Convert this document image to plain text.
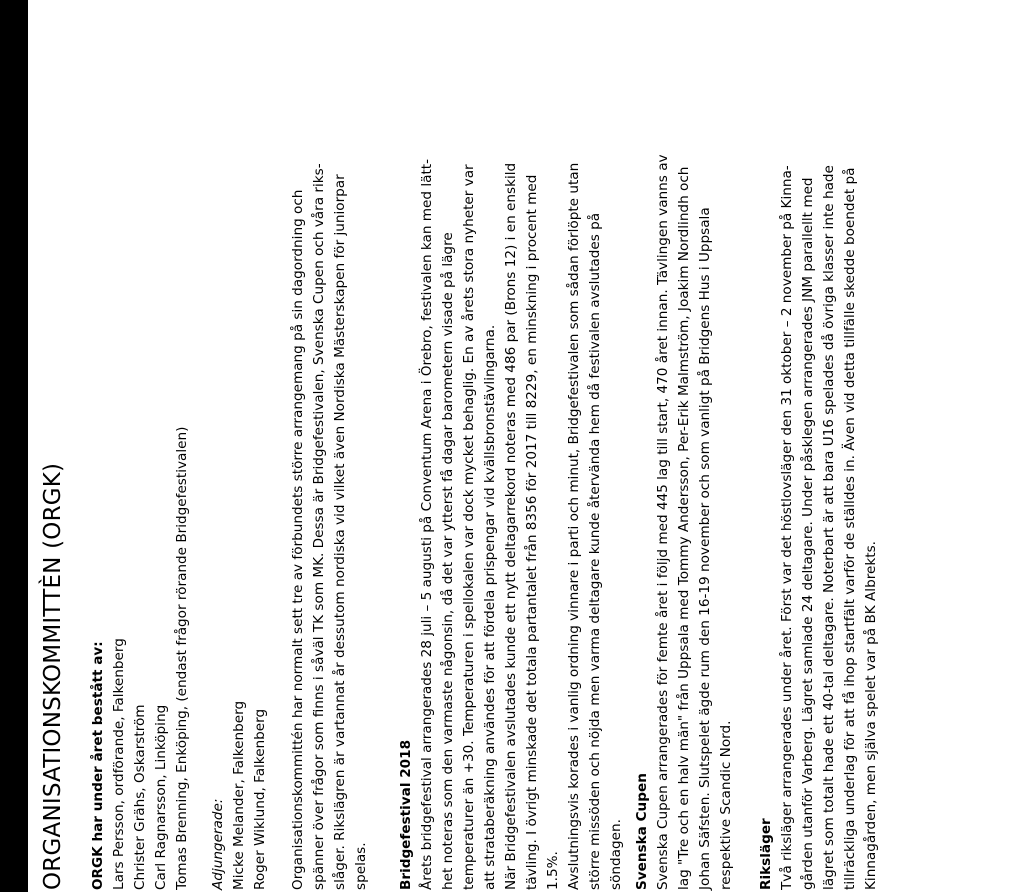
ORGANISATIONSKOMMITTÈN (ORGK) ORGK har under året bestått av: Lars Persson, ordförande, Falkenberg Christer Grähs, Oskarström Carl Ragnarsson, Linköping Tomas Brenning, Enköping, (endast frågor rörande Bridgefestivalen) Adjungerade: Micke Melander, Falkenberg Roger Wiklund, Falkenberg Organisationskommittén har normalt sett tre av förbundets större arrangemang på sin dagordning och spänner över frågor som finns i såväl TK som MK. Dessa är Bridgefestivalen, Svenska Cupen och våra riks- slåger. Rikslägren är vartannat år dessutom nordiska vid vilket även Nordiska Mästerskapen för juniorpar spelas. Bridgefestival 2018 Årets bridgefestival arrangerades 28 juli – 5 augusti på Conventum Arena i Örebro, festivalen kan med lätt- het noteras som den varmaste någonsin, då det var ytterst få dagar barometern visade på lägre temperaturer än +30. Temperaturen i spellokalen var dock mycket behaglig. En av årets stora nyheter var att strataberäkning användes för att fördela prispengar vid kvällsbronstävlingarna. När Bridgefestivalen avslutades kunde ett nytt deltagarrekord noteras med 486 par (Brons 12) i en enskild tävling. I övrigt minskade det totala partantalet från 8356 för 2017 till 8229, en minskning i procent med 1.5%. Avslutningsvis korades i vanlig ordning vinnare i parti och minut, Bridgefestivalen som sådan förlöpte utan större missöden och nöjda men varma deltagare kunde återvända hem då festivalen avslutades på söndagen. Svenska Cupen Svenska Cupen arrangerades för femte året i följd med 445 lag till start, 470 året innan. Tävlingen vanns av lag "Tre och en halv män" från Uppsala med Tommy Andersson, Per-Erik Malmström, Joakim Nordlindh och Johan Säfsten. Slutspelet ägde rum den 16-19 november och som vanligt på Bridgens Hus i Uppsala respektive Scandic Nord. Riksläger Två riksläger arrangerades under året. Först var det höstlovsläger den 31 oktober – 2 november på Kinna- gården utanför Varberg. Lägret samlade 24 deltagare. Under påsklegen arrangerades JNM parallellt med lägret som totalt hade ett 40-tal deltagare. Noterbart är att bara U16 spelades då övriga klasser inte hade tillräckliga underlag för att få ihop startfält varför de ställdes in. Även vid detta tillfälle skedde boendet på Kinnagården, men själva spelet var på BK Albrekts.
